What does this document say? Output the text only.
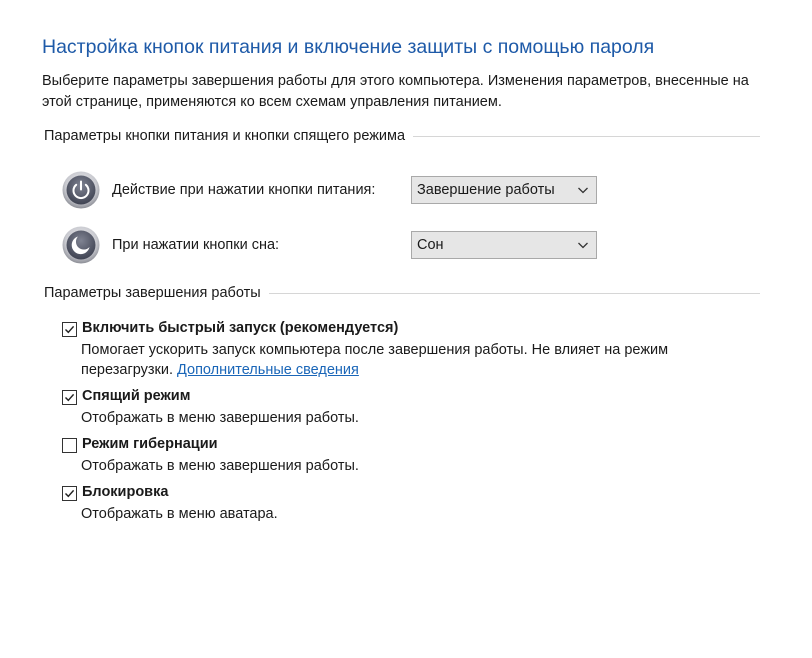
Настройка кнопок питания и включение защиты с помощью пароля
Выберите параметры завершения работы для этого компьютера. Изменения параметров, внесенные на этой странице, применяются ко всем схемам управления питанием.
Параметры кнопки питания и кнопки спящего режима
Действие при нажатии кнопки питания:	Завершение работы
При нажатии кнопки сна:	Сон
Параметры завершения работы
Включить быстрый запуск (рекомендуется)
Помогает ускорить запуск компьютера после завершения работы. Не влияет на режим перезагрузки. Дополнительные сведения
Спящий режим
Отображать в меню завершения работы.
Режим гибернации
Отображать в меню завершения работы.
Блокировка
Отображать в меню аватара.
